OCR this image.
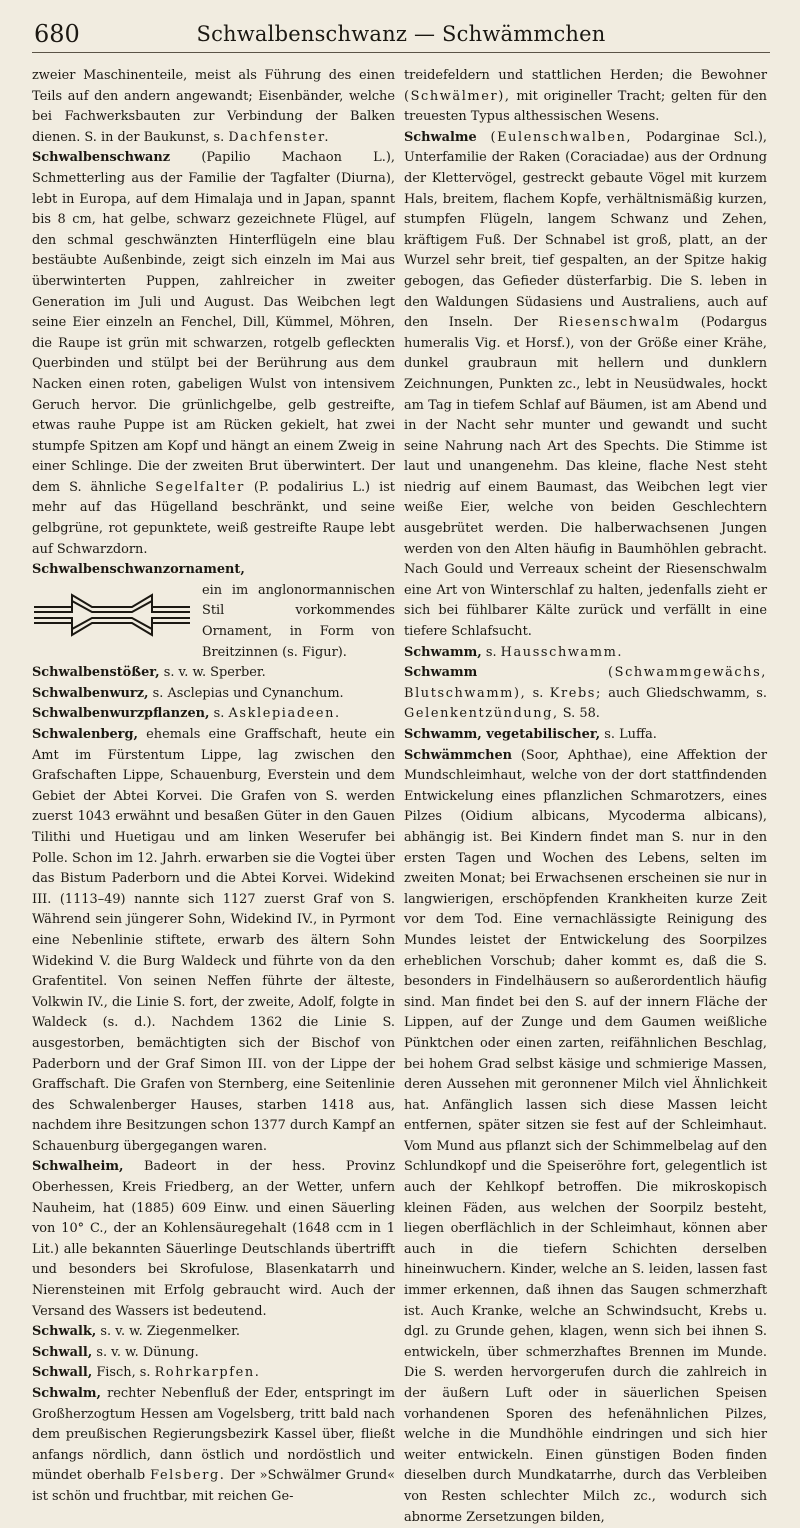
680	Schwalbenschwanz — Schwämmchen

zweier Maschinenteile, meist als Führung des einen Teils auf den andern angewandt; Eisenbänder, welche bei Fachwerksbauten zur Verbindung der Balken dienen. S. in der Baukunst, s. Dachfenster.

Schwalbenschwanz (Papilio Machaon L.), Schmetterling aus der Familie der Tagfalter (Diurna), lebt in Europa, auf dem Himalaja und in Japan, spannt bis 8 cm, hat gelbe, schwarz gezeichnete Flügel, auf den schmal geschwänzten Hinterflügeln eine blau bestäubte Außenbinde, zeigt sich einzeln im Mai aus überwinterten Puppen, zahlreicher in zweiter Generation im Juli und August. Das Weibchen legt seine Eier einzeln an Fenchel, Dill, Kümmel, Möhren, die Raupe ist grün mit schwarzen, rotgelb gefleckten Querbinden und stülpt bei der Berührung aus dem Nacken einen roten, gabeligen Wulst von intensivem Geruch hervor. Die grünlichgelbe, gelb gestreifte, etwas rauhe Puppe ist am Rücken gekielt, hat zwei stumpfe Spitzen am Kopf und hängt an einem Zweig in einer Schlinge. Die der zweiten Brut überwintert. Der dem S. ähnliche Segelfalter (P. podalirius L.) ist mehr auf das Hügelland beschränkt, und seine gelbgrüne, rot gepunktete, weiß gestreifte Raupe lebt auf Schwarzdorn.

Schwalbenschwanzornament,

ein im anglonormannischen Stil vorkommendes Ornament, in Form von Breitzinnen (s. Figur).

Schwalbenstößer, s. v. w. Sperber.

Schwalbenwurz, s. Asclepias und Cynanchum.

Schwalbenwurzpflanzen, s. Asklepiadeen.

Schwalenberg, ehemals eine Graffschaft, heute ein Amt im Fürstentum Lippe, lag zwischen den Grafschaften Lippe, Schauenburg, Everstein und dem Gebiet der Abtei Korvei. Die Grafen von S. werden zuerst 1043 erwähnt und besaßen Güter in den Gauen Tilithi und Huetigau und am linken Weserufer bei Polle. Schon im 12. Jahrh. erwarben sie die Vogtei über das Bistum Paderborn und die Abtei Korvei. Widekind III. (1113–49) nannte sich 1127 zuerst Graf von S. Während sein jüngerer Sohn, Widekind IV., in Pyrmont eine Nebenlinie stiftete, erwarb des ältern Sohn Widekind V. die Burg Waldeck und führte von da den Grafentitel. Von seinen Neffen führte der älteste, Volkwin IV., die Linie S. fort, der zweite, Adolf, folgte in Waldeck (s. d.). Nachdem 1362 die Linie S. ausgestorben, bemächtigten sich der Bischof von Paderborn und der Graf Simon III. von der Lippe der Graffschaft. Die Grafen von Sternberg, eine Seitenlinie des Schwalenberger Hauses, starben 1418 aus, nachdem ihre Besitzungen schon 1377 durch Kampf an Schauenburg übergegangen waren.

Schwalheim, Badeort in der hess. Provinz Oberhessen, Kreis Friedberg, an der Wetter, unfern Nauheim, hat (1885) 609 Einw. und einen Säuerling von 10° C., der an Kohlensäuregehalt (1648 ccm in 1 Lit.) alle bekannten Säuerlinge Deutschlands übertrifft und besonders bei Skrofulose, Blasenkatarrh und Nierensteinen mit Erfolg gebraucht wird. Auch der Versand des Wassers ist bedeutend.

Schwalk, s. v. w. Ziegenmelker.

Schwall, s. v. w. Dünung.

Schwall, Fisch, s. Rohrkarpfen.

Schwalm, rechter Nebenfluß der Eder, entspringt im Großherzogtum Hessen am Vogelsberg, tritt bald nach dem preußischen Regierungsbezirk Kassel über, fließt anfangs nördlich, dann östlich und nordöstlich und mündet oberhalb Felsberg. Der »Schwälmer Grund« ist schön und fruchtbar, mit reichen Ge-

treidefeldern und stattlichen Herden; die Bewohner (Schwälmer), mit origineller Tracht; gelten für den treuesten Typus althessischen Wesens.

Schwalme (Eulenschwalben, Podarginae Scl.), Unterfamilie der Raken (Coraciadae) aus der Ordnung der Klettervögel, gestreckt gebaute Vögel mit kurzem Hals, breitem, flachem Kopfe, verhältnismäßig kurzen, stumpfen Flügeln, langem Schwanz und Zehen, kräftigem Fuß. Der Schnabel ist groß, platt, an der Wurzel sehr breit, tief gespalten, an der Spitze hakig gebogen, das Gefieder düsterfarbig. Die S. leben in den Waldungen Südasiens und Australiens, auch auf den Inseln. Der Riesenschwalm (Podargus humeralis Vig. et Horsf.), von der Größe einer Krähe, dunkel graubraun mit hellern und dunklern Zeichnungen, Punkten zc., lebt in Neusüdwales, hockt am Tag in tiefem Schlaf auf Bäumen, ist am Abend und in der Nacht sehr munter und gewandt und sucht seine Nahrung nach Art des Spechts. Die Stimme ist laut und unangenehm. Das kleine, flache Nest steht niedrig auf einem Baumast, das Weibchen legt vier weiße Eier, welche von beiden Geschlechtern ausgebrütet werden. Die halberwachsenen Jungen werden von den Alten häufig in Baumhöhlen gebracht. Nach Gould und Verreaux scheint der Riesenschwalm eine Art von Winterschlaf zu halten, jedenfalls zieht er sich bei fühlbarer Kälte zurück und verfällt in eine tiefere Schlafsucht.

Schwamm, s. Hausschwamm.

Schwamm	(Schwammgewächs, Blutschwamm), s. Krebs; auch Gliedschwamm, s. Gelenkentzündung, S. 58.

Schwamm, vegetabilischer, s. Luffa.

Schwämmchen (Soor, Aphthae), eine Affektion der Mundschleimhaut, welche von der dort stattfindenden Entwickelung eines pflanzlichen Schmarotzers, eines Pilzes (Oidium albicans, Mycoderma albicans), abhängig ist. Bei Kindern findet man S. nur in den ersten Tagen und Wochen des Lebens, selten im zweiten Monat; bei Erwachsenen erscheinen sie nur in langwierigen, erschöpfenden Krankheiten kurze Zeit vor dem Tod. Eine vernachlässigte Reinigung des Mundes leistet der Entwickelung des Soorpilzes erheblichen Vorschub; daher kommt es, daß die S. besonders in Findelhäusern so außerordentlich häufig sind. Man findet bei den S. auf der innern Fläche der Lippen, auf der Zunge und dem Gaumen weißliche Pünktchen oder einen zarten, reifähnlichen Beschlag, bei hohem Grad selbst käsige und schmierige Massen, deren Aussehen mit geronnener Milch viel Ähnlichkeit hat. Anfänglich lassen sich diese Massen leicht entfernen, später sitzen sie fest auf der Schleimhaut. Vom Mund aus pflanzt sich der Schimmelbelag auf den Schlundkopf und die Speiseröhre fort, gelegentlich ist auch der Kehlkopf betroffen. Die mikroskopisch kleinen Fäden, aus welchen der Soorpilz besteht, liegen oberflächlich in der Schleimhaut, können aber auch in die tiefern Schichten derselben hineinwuchern. Kinder, welche an S. leiden, lassen fast immer erkennen, daß ihnen das Saugen schmerzhaft ist. Auch Kranke, welche an Schwindsucht, Krebs u. dgl. zu Grunde gehen, klagen, wenn sich bei ihnen S. entwickeln, über schmerzhaftes Brennen im Munde. Die S. werden hervorgerufen durch die zahlreich in der äußern Luft oder in säuerlichen Speisen vorhandenen Sporen des hefenähnlichen Pilzes, welche in die Mundhöhle eindringen und sich hier weiter entwickeln. Einen günstigen Boden finden dieselben durch Mundkatarrhe, durch das Verbleiben von Resten schlechter Milch zc., wodurch sich abnorme Zersetzungen bilden,
